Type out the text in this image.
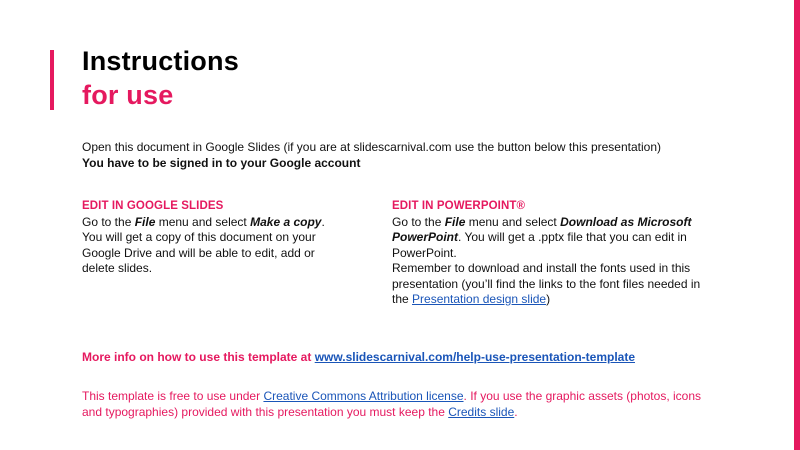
Instructions
for use
Open this document in Google Slides (if you are at slidescarnival.com use the button below this presentation)
You have to be signed in to your Google account
EDIT IN GOOGLE SLIDES
Go to the File menu and select Make a copy. You will get a copy of this document on your Google Drive and will be able to edit, add or delete slides.
EDIT IN POWERPOINT®
Go to the File menu and select Download as Microsoft PowerPoint. You will get a .pptx file that you can edit in PowerPoint.
Remember to download and install the fonts used in this presentation (you’ll find the links to the font files needed in the Presentation design slide)
More info on how to use this template at www.slidescarnival.com/help-use-presentation-template
This template is free to use under Creative Commons Attribution license. If you use the graphic assets (photos, icons and typographies) provided with this presentation you must keep the Credits slide.
